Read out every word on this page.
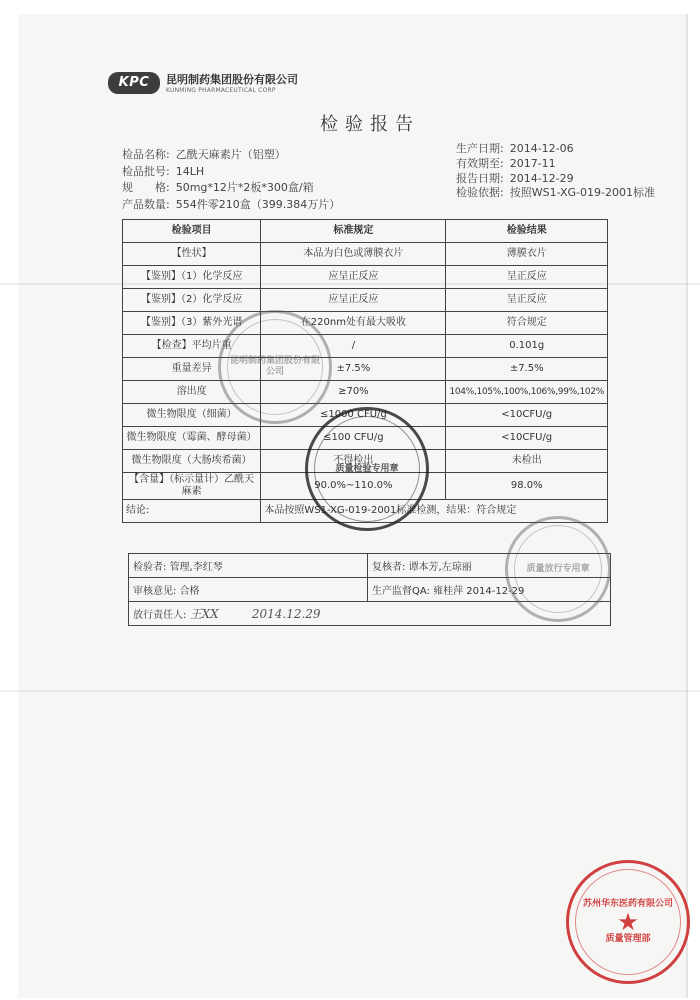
KPC	昆明制药集团股份有限公司
KUNMING PHARMACEUTICAL CORP
检验报告
检品名称: 乙酰天麻素片（铝塑）
检品批号: 14LH
规　　格: 50mg*12片*2板*300盒/箱
产品数量: 554件零210盒（399.384万片）
生产日期: 2014-12-06
有效期至: 2017-11
报告日期: 2014-12-29
检验依据: 按照WS1-XG-019-2001标准
检验项目	标准规定	检验结果
【性状】	本品为白色或薄膜衣片	薄膜衣片
【鉴别】（1）化学反应	应呈正反应	呈正反应
【鉴别】（2）化学反应	应呈正反应	呈正反应
【鉴别】（3）紫外光谱	在220nm处有最大吸收	符合规定
【检查】平均片重	/	0.101g
重量差异	±7.5%	±7.5%
溶出度	≥70%	104%,105%,100%,106%,99%,102%
微生物限度（细菌）	≤1000 CFU/g	<10CFU/g
微生物限度（霉菌、酵母菌）	≤100 CFU/g	<10CFU/g
微生物限度（大肠埃希菌）	不得检出	未检出
【含量】（标示量计）乙酰天麻素	90.0%~110.0%	98.0%
结论:	本品按照WS1-XG-019-2001标准检测，结果：符合规定	
检验者: 管理,李红琴	复核者: 谭本芳,左琼丽
审核意见: 合格	生产监督QA: 雍桂萍 2014-12-29
放行责任人: 王XX 2014.12.29	
昆明制药集团股份有限公司
质量检验专用章
质量放行专用章
苏州华东医药有限公司
★
质量管理部
